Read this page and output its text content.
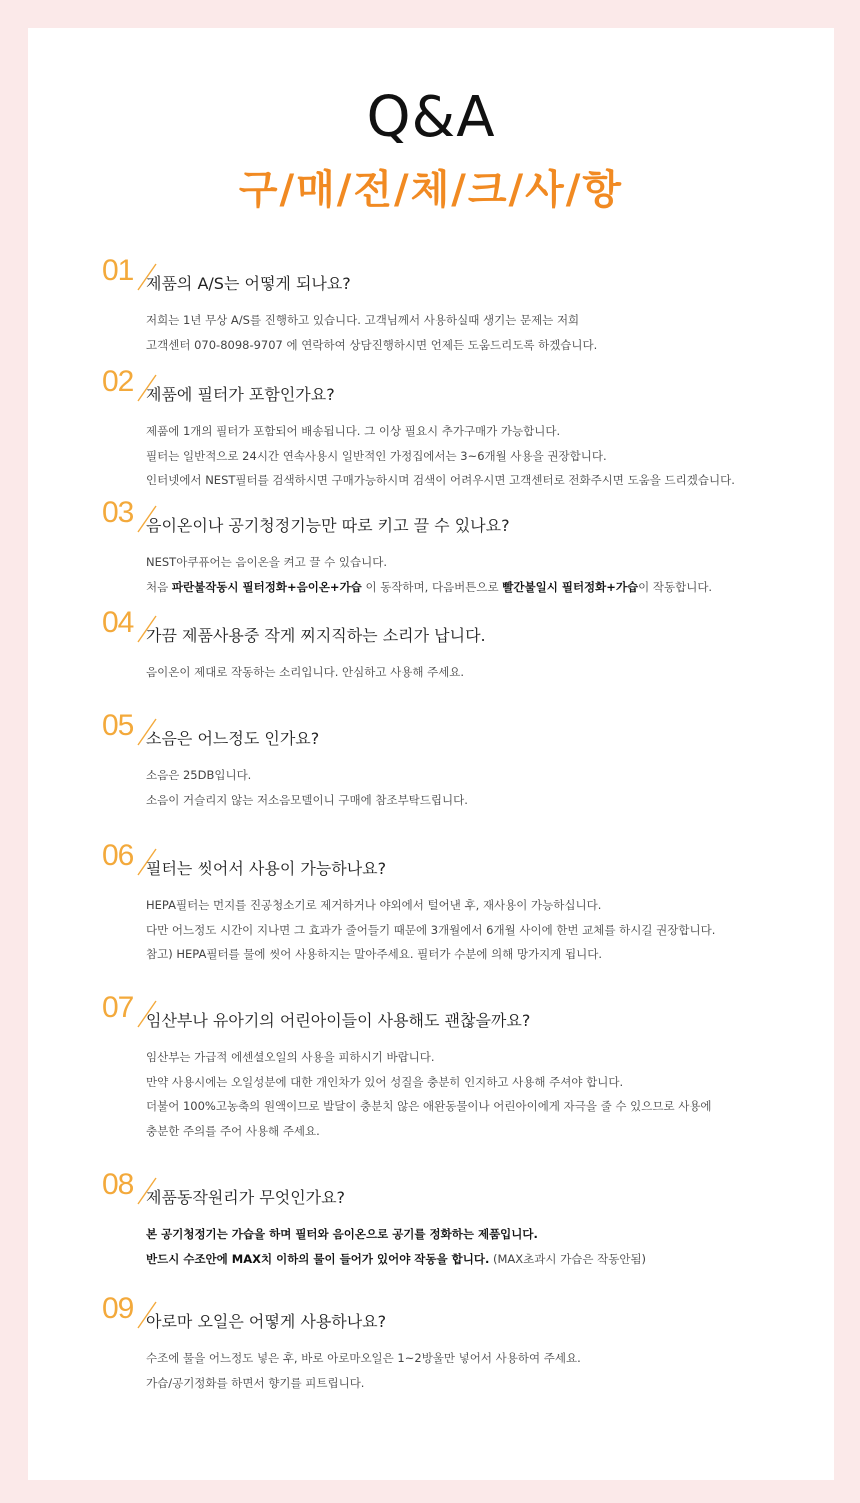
Q&A
구/매/전/체/크/사/항
01 제품의 A/S는 어떻게 되나요?
저희는 1년 무상 A/S를 진행하고 있습니다. 고객님께서 사용하실때 생기는 문제는 저희
고객센터 070-8098-9707 에 연락하여 상담진행하시면 언제든 도움드리도록 하겠습니다.
02 제품에 필터가 포함인가요?
제품에 1개의 필터가 포함되어 배송됩니다. 그 이상 필요시 추가구매가 가능합니다.
필터는 일반적으로 24시간 연속사용시 일반적인 가정집에서는 3~6개월 사용을 권장합니다.
인터넷에서 NEST필터를 검색하시면 구매가능하시며 검색이 어려우시면 고객센터로 전화주시면 도움을 드리겠습니다.
03 음이온이나 공기청정기능만 따로 키고 끌 수 있나요?
NEST아쿠퓨어는 음이온을 켜고 끌 수 있습니다.
처음 파란불작동시 필터정화+음이온+가습 이 동작하며, 다음버튼으로 빨간불일시 필터정화+가습이 작동합니다.
04 가끔 제품사용중 작게 찌지직하는 소리가 납니다.
음이온이 제대로 작동하는 소리입니다. 안심하고 사용해 주세요.
05 소음은 어느정도 인가요?
소음은 25DB입니다.
소음이 거슬리지 않는 저소음모델이니 구매에 참조부탁드립니다.
06 필터는 씻어서 사용이 가능하나요?
HEPA필터는 먼지를 진공청소기로 제거하거나 야외에서 털어낸 후, 재사용이 가능하십니다.
다만 어느정도 시간이 지나면 그 효과가 줄어들기 때문에 3개월에서 6개월 사이에 한번 교체를 하시길 권장합니다.
참고) HEPA필터를 물에 씻어 사용하지는 말아주세요. 필터가 수분에 의해 망가지게 됩니다.
07 임산부나 유아기의 어린아이들이 사용해도 괜찮을까요?
임산부는 가급적 에센셜오일의 사용을 피하시기 바랍니다.
만약 사용시에는 오일성분에 대한 개인차가 있어 성질을 충분히 인지하고 사용해 주셔야 합니다.
더불어 100%고농축의 원액이므로 발달이 충분치 않은 애완동물이나 어린아이에게 자극을 줄 수 있으므로 사용에
충분한 주의를 주어 사용해 주세요.
08 제품동작원리가 무엇인가요?
본 공기청정기는 가습을 하며 필터와 음이온으로 공기를 정화하는 제품입니다.
반드시 수조안에 MAX치 이하의 물이 들어가 있어야 작동을 합니다. (MAX초과시 가습은 작동안됨)
09 아로마 오일은 어떻게 사용하나요?
수조에 물을 어느정도 넣은 후, 바로 아로마오일은 1~2방울만 넣어서 사용하여 주세요.
가습/공기정화를 하면서 향기를 피트립니다.
